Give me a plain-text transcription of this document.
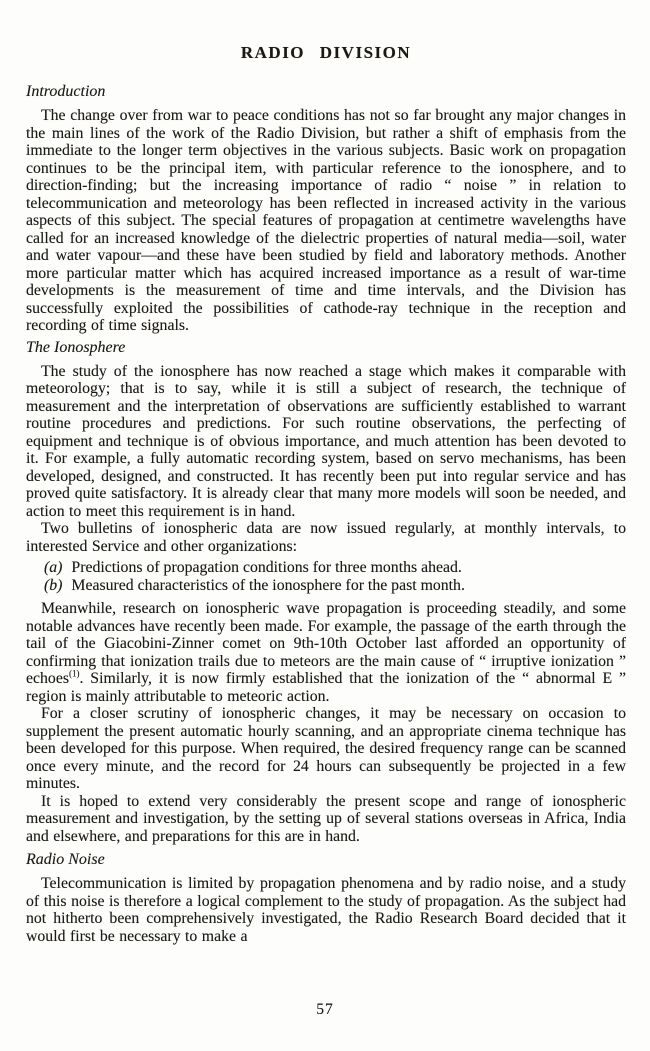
RADIO DIVISION
Introduction

The change over from war to peace conditions has not so far brought any major changes in the main lines of the work of the Radio Division, but rather a shift of emphasis from the immediate to the longer term objectives in the various subjects. Basic work on propagation continues to be the principal item, with particular reference to the ionosphere, and to direction-finding; but the increasing importance of radio “ noise ” in relation to telecommunication and meteorology has been reflected in increased activity in the various aspects of this subject. The special features of propagation at centimetre wavelengths have called for an increased knowledge of the dielectric properties of natural media—soil, water and water vapour—and these have been studied by field and laboratory methods. Another more particular matter which has acquired increased importance as a result of war-time developments is the measurement of time and time intervals, and the Division has successfully exploited the possibilities of cathode-ray technique in the reception and recording of time signals.

The Ionosphere

The study of the ionosphere has now reached a stage which makes it comparable with meteorology; that is to say, while it is still a subject of research, the technique of measurement and the interpretation of observations are sufficiently established to warrant routine procedures and predictions. For such routine observations, the perfecting of equipment and technique is of obvious importance, and much attention has been devoted to it. For example, a fully automatic recording system, based on servo mechanisms, has been developed, designed, and constructed. It has recently been put into regular service and has proved quite satisfactory. It is already clear that many more models will soon be needed, and action to meet this requirement is in hand.

Two bulletins of ionospheric data are now issued regularly, at monthly intervals, to interested Service and other organizations:

(a) Predictions of propagation conditions for three months ahead.
(b) Measured characteristics of the ionosphere for the past month.

Meanwhile, research on ionospheric wave propagation is proceeding steadily, and some notable advances have recently been made. For example, the passage of the earth through the tail of the Giacobini-Zinner comet on 9th-10th October last afforded an opportunity of confirming that ionization trails due to meteors are the main cause of “ irruptive ionization ” echoes$^{(1)}$. Similarly, it is now firmly established that the ionization of the “ abnormal E ” region is mainly attributable to meteoric action.

For a closer scrutiny of ionospheric changes, it may be necessary on occasion to supplement the present automatic hourly scanning, and an appropriate cinema technique has been developed for this purpose. When required, the desired frequency range can be scanned once every minute, and the record for 24 hours can subsequently be projected in a few minutes.

It is hoped to extend very considerably the present scope and range of ionospheric measurement and investigation, by the setting up of several stations overseas in Africa, India and elsewhere, and preparations for this are in hand.

Radio Noise

Telecommunication is limited by propagation phenomena and by radio noise, and a study of this noise is therefore a logical complement to the study of propagation. As the subject had not hitherto been comprehensively investigated, the Radio Research Board decided that it would first be necessary to make a

57
